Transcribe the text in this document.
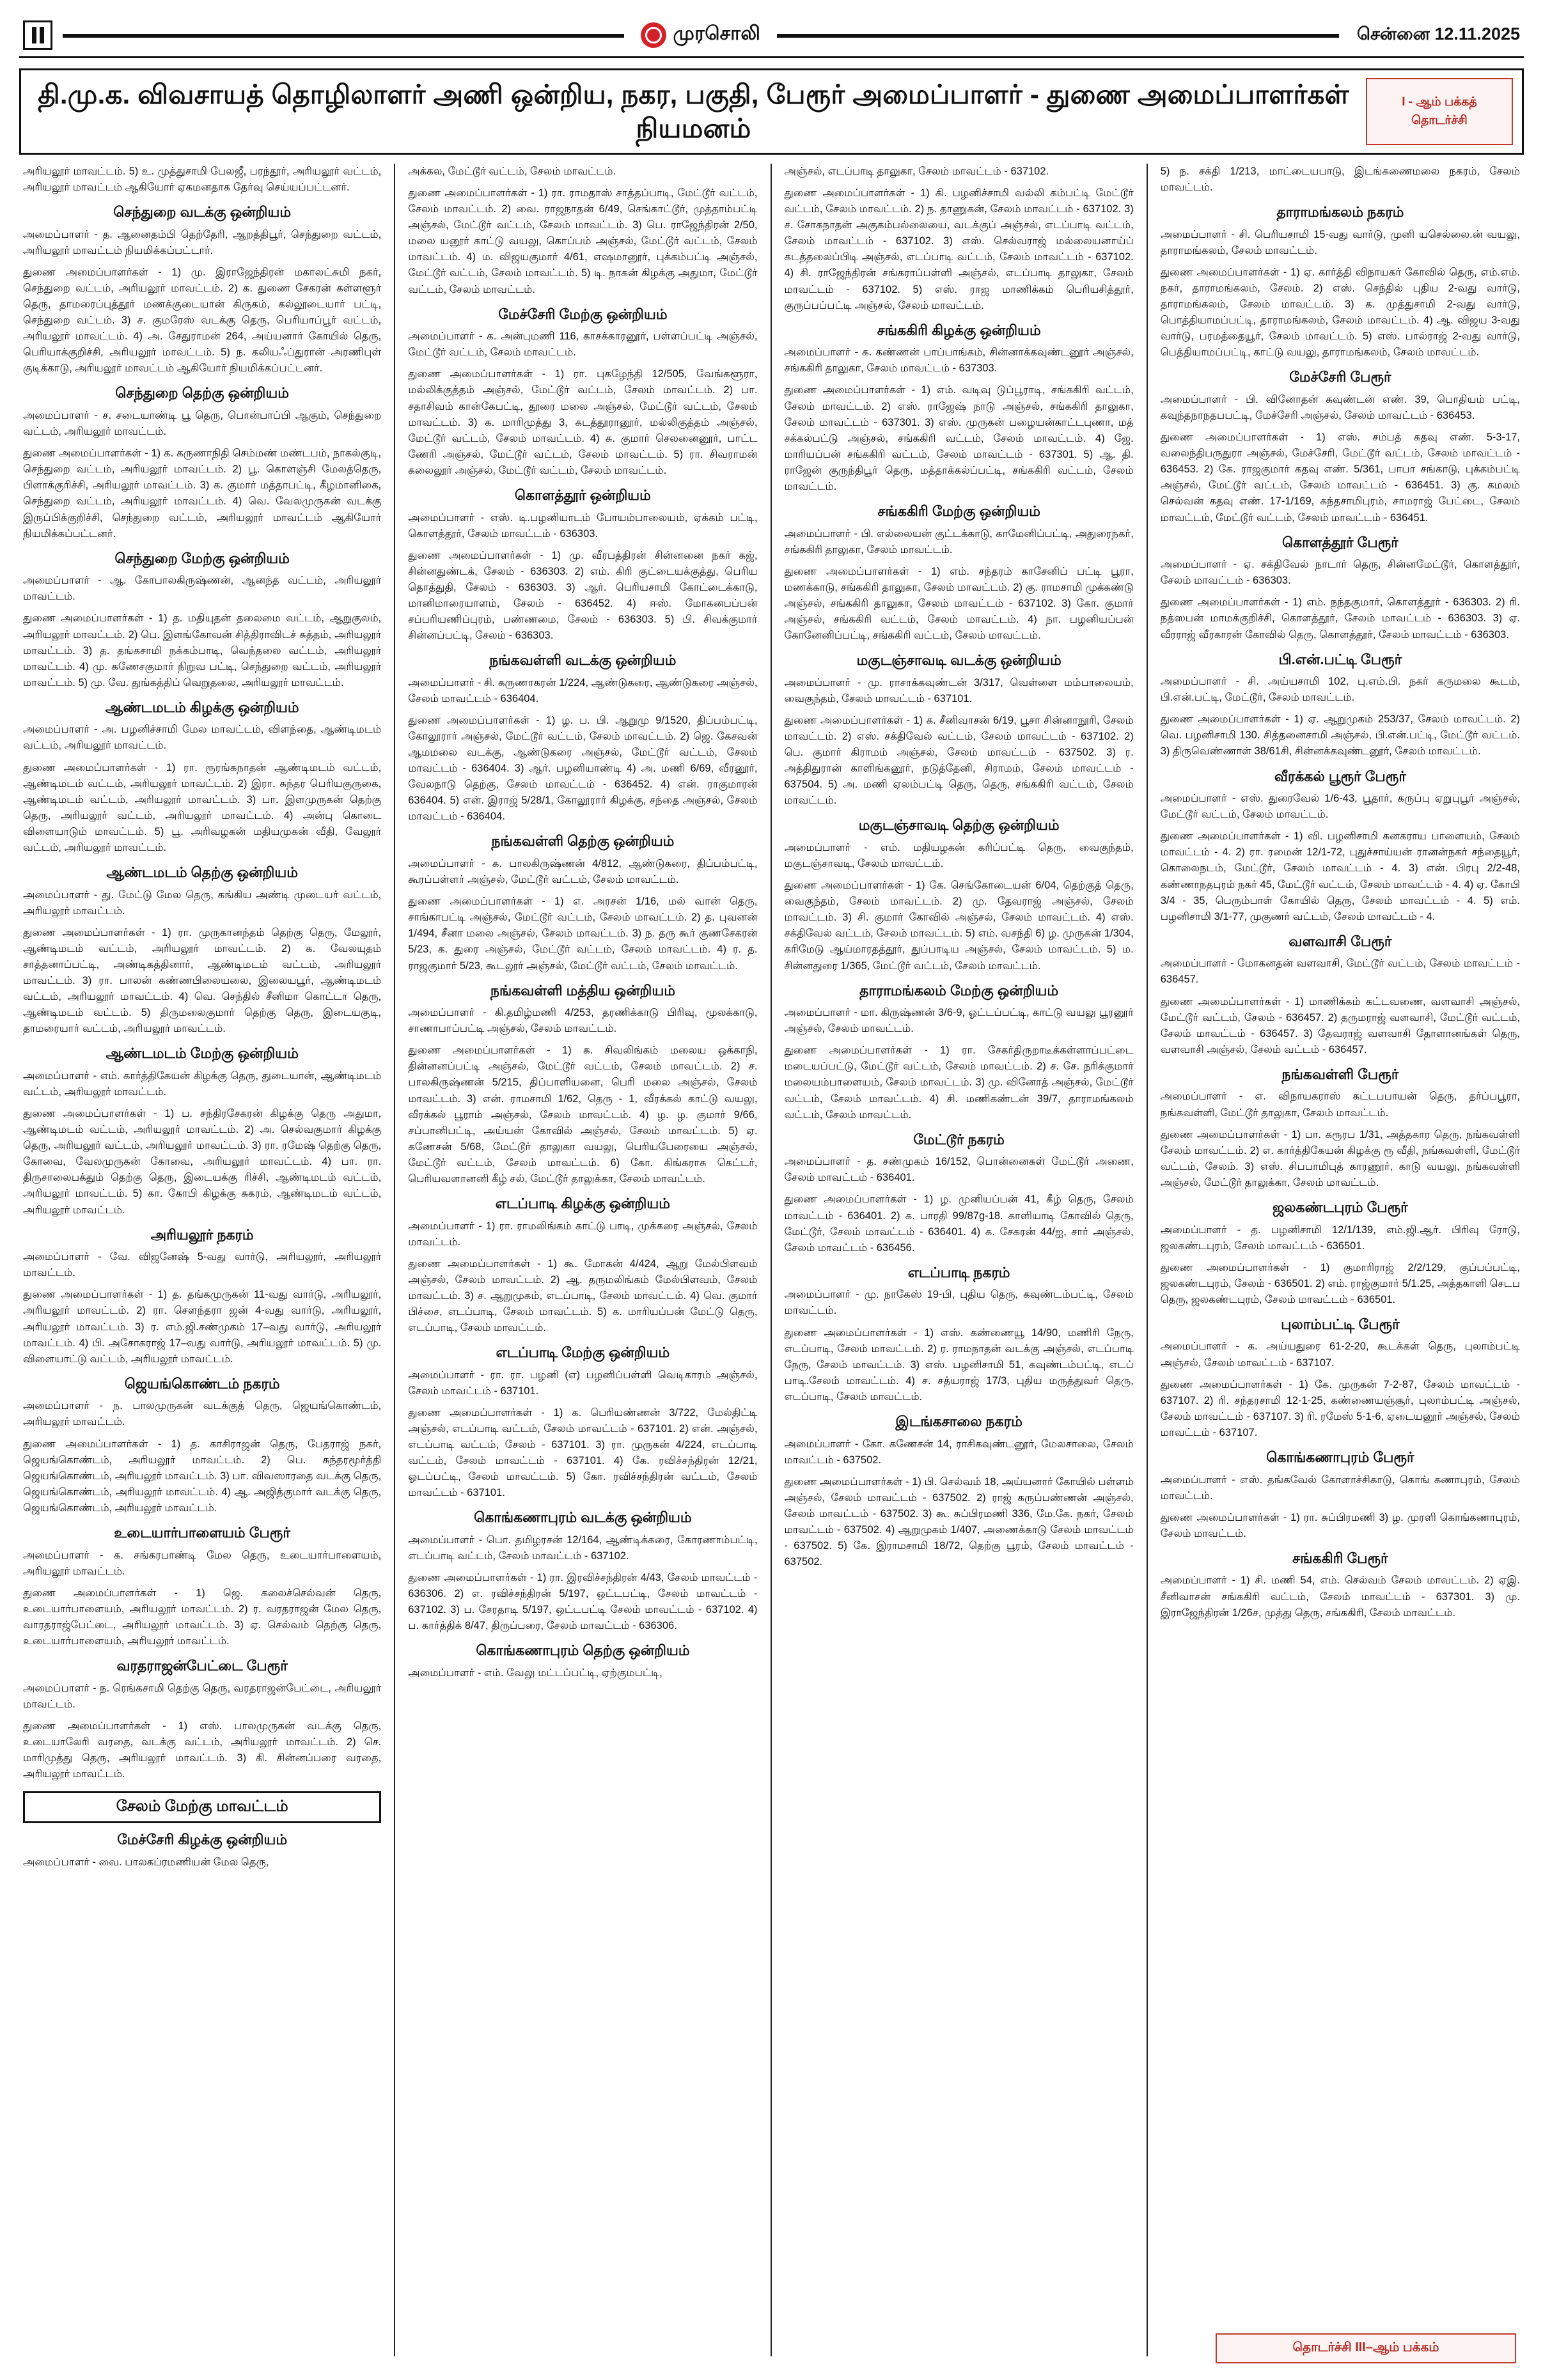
முரசொலி	சென்னை 12.11.2025
தி.மு.க. விவசாயத் தொழிலாளர் அணி ஒன்றிய, நகர, பகுதி, பேரூர் அமைப்பாளர் - துணை அமைப்பாளர்கள் நியமனம்
I - ஆம் பக்கத் தொடர்ச்சி

அரியலூர் மாவட்டம். 5) உ. முத்துசாமி பேலஜீ, பரந்தூர், அரியலூர் வட்டம், அரியலூர் மாவட்டம் ஆகியோர் ஏகமனதாக தேர்வு செய்யப்பட்டனர்.

செந்துறை வடக்கு ஒன்றியம்

அமைப்பாளர் - த. ஆனைதம்பி தெற்தேரி, ஆறத்திபூர், செந்துறை வட்டம், அரியலூர் மாவட்டம் நியமிக்கப்பட்டார்.

துணை அமைப்பாளர்கள் - 1) மு. இராஜேந்திரன் மகாலட்சுமி நகர், செந்துறை வட்டம், அரியலூர் மாவட்டம். 2) க. துணை சேகரன் கள்ளளூர் தெரு, தாமரைப்புத்தூர் மணக்குடையான் கிருகம், கல்லூடையார் பட்டி, செந்துறை வட்டம். 3) ச. குமரேஸ் வடக்கு தெரு, பெரியாப்பூர் வட்டம், அரியலூர் மாவட்டம். 4) அ. சேதுராமன் 264, அய்யனார் கோயில் தெரு, பெரியாக்குறிச்சி, அரியலூர் மாவட்டம். 5) ந. கலியஃப்துரான் அரணிபுள் குடிக்காடு, அரியலூர் மாவட்டம் ஆகியோர் நியமிக்கப்பட்டனர்.

செந்துறை தெற்கு ஒன்றியம்

அமைப்பாளர் - ச. சடையாண்டி பூ தெரு, பொன்பாப்பி ஆகும், செந்துறை வட்டம், அரியலூர் மாவட்டம்.

துணை அமைப்பாளர்கள் - 1) க. கருணாநிதி செம்மண் மண்டபம், நாகல்குடி, செந்துறை வட்டம், அரியலூர் மாவட்டம். 2) பூ. கொளஞ்சி மேலத்தெரு, பிளாக்குரிச்சி, அரியலூர் மாவட்டம். 3) க. குமார் மத்தாபட்டி, கீழமானிகை, செந்துறை வட்டம், அரியலூர் மாவட்டம். 4) வெ. வேலமுருகன் வடக்கு இருப்பிக்குறிச்சி, செந்துறை வட்டம், அரியலூர் மாவட்டம் ஆகியோர் நியமிக்கப்பட்டனர்.

செந்துறை மேற்கு ஒன்றியம்

அமைப்பாளர் - ஆ. கோபாலகிருஷ்ணன், ஆனந்த வட்டம், அரியலூர் மாவட்டம்.

துணை அமைப்பாளர்கள் - 1) த. மதியுதன் தலைமை வட்டம், ஆறுகுலம், அரியலூர் மாவட்டம். 2) பெ. இளங்கோவன் சித்திராவிடச் சுத்தம், அரியலூர் மாவட்டம். 3) த. தங்கசாமி நக்கம்பாடி, வெந்தலை வட்டம், அரியலூர் மாவட்டம். 4) மு. கணேசகுமார் நிறுவ பட்டி, செந்துறை வட்டம், அரியலூர் மாவட்டம். 5) மு. வே. துங்கத்திப் வெறுதலை, அரியலூர் மாவட்டம்.

ஆண்டமடம் கிழக்கு ஒன்றியம்

அமைப்பாளர் - அ. பழனிச்சாமி மேல மாவட்டம், விளந்தை, ஆண்டிமடம் வட்டம், அரியலூர் மாவட்டம்.

துணை அமைப்பாளர்கள் - 1) ரா. ரூரங்கநாதன் ஆண்டிமடம் வட்டம், ஆண்டிமடம் வட்டம், அரியலூர் மாவட்டம். 2) இரா. சுந்தர பெரியகுருகை, ஆண்டிமடம் வட்டம், அரியலூர் மாவட்டம். 3) பா. இளமுருகன் தெற்கு தெரு, அரியலூர் வட்டம், அரியலூர் மாவட்டம். 4) அன்பு கொடை விளையாடும் மாவட்டம். 5) பூ. அரிவழகன் மதியமுகன் வீதி, வேலூர் வட்டம், அரியலூர் மாவட்டம்.

ஆண்டமடம் தெற்கு ஒன்றியம்

அமைப்பாளர் - து. மேட்டு மேல தெரு, கங்கிய அண்டி முடையர் வட்டம், அரியலூர் மாவட்டம்.

துணை அமைப்பாளர்கள் - 1) ரா. முருகானந்தம் தெற்கு தெரு, மேலூர், ஆண்டிமடம் வட்டம், அரியலூர் மாவட்டம். 2) க. வேலயுதம் சாத்தனாப்பட்டி, அண்டிகத்தினார், ஆண்டிமடம் வட்டம், அரியலூர் மாவட்டம். 3) ரா. பாலன் கண்ணபிலையலை, இலையபூர், ஆண்டிமடம் வட்டம், அரியலூர் மாவட்டம். 4) வெ. செந்தில் சீனிமா கொட்டா தெரு, ஆண்டிமடம் வட்டம். 5) திருமலைகுமார் தெற்கு தெரு, இடையகுடி, தாமரையார் வட்டம், அரியலூர் மாவட்டம்.

ஆண்டமடம் மேற்கு ஒன்றியம்

அமைப்பாளர் - எம். கார்த்திகேயன் கிழக்கு தெரு, துடையான், ஆண்டிமடம் வட்டம், அரியலூர் மாவட்டம்.

துணை அமைப்பாளர்கள் - 1) ப. சந்திரசேகரன் கிழக்கு தெரு அதுமா, ஆண்டிமடம் வட்டம், அரியலூர் மாவட்டம். 2) அ. செல்வகுமார் கிழக்கு தெரு, அரியலூர் வட்டம், அரியலூர் மாவட்டம். 3) ரா. ரமேஷ் தெற்கு தெரு, கோவை, வேலமுருகன் கோவை, அரியலூர் மாவட்டம். 4) பா. ரா. திருசாலைபக்தும் தெற்கு தெரு, இடையக்கு ரிச்சி, ஆண்டிமடம் வட்டம், அரியலூர் மாவட்டம். 5) கா. கோபி கிழக்கு சுகரம், ஆண்டிமடம் வட்டம், அரியலூர் மாவட்டம்.

அரியலூர் நகரம்

அமைப்பாளர் - வே. விஜனேஷ் 5-வது வார்டு, அரியலூர், அரியலூர் மாவட்டம்.

துணை அமைப்பாளர்கள் - 1) த. தங்கமுருகன் 11-வது வார்டு, அரியலூர், அரியலூர் மாவட்டம். 2) ரா. செளந்தரா ஜன் 4-வது வார்டு, அரியலூர், அரியலூர் மாவட்டம். 3) ர. எம்.ஜி.சண்முகம் 17–வது வார்டு, அரியலூர் மாவட்டம். 4) பி. அசோகராஜ் 17–வது வார்டு, அரியலூர் மாவட்டம். 5) மு. விளையாட்டு வட்டம், அரியலூர் மாவட்டம்.

ஜெயங்கொண்டம் நகரம்

அமைப்பாளர் - ந. பாலமுருகன் வடக்குத் தெரு, ஜெயங்கொண்டம், அரியலூர் மாவட்டம்.

துணை அமைப்பாளர்கள் - 1) த. காசிராஜன் தெரு, பேதராஜ் நகர், ஜெயங்கொண்டம், அரியலூர் மாவட்டம். 2) பெ. சுந்தரமூர்த்தி ஜெயங்கொண்டம், அரியலூர் மாவட்டம். 3) பா. விவஸாரதை வடக்கு தெரு, ஜெயங்கொண்டம், அரியலூர் மாவட்டம். 4) ஆ. அஜித்குமார் வடக்கு தெரு, ஜெயங்கொண்டம், அரியலூர் மாவட்டம்.

உடையார்பாளையம் பேரூர்

அமைப்பாளர் - க. சங்கரபாண்டி மேல தெரு, உடையார்பாளையம், அரியலூர் மாவட்டம்.

துணை அமைப்பாளர்கள் - 1) ஜெ. கலைச்செல்வன் தெரு, உடையார்பாளையம், அரியலூர் மாவட்டம். 2) ர. வரதராஜன் மேல தெரு, வாரதராஜ்பேட்டை, அரியலூர் மாவட்டம். 3) ஏ. செல்வம் தெற்கு தெரு, உடையார்பாளையம், அரியலூர் மாவட்டம்.

வரதராஜன்பேட்டை பேரூர்

அமைப்பாளர் - ந. ரெங்கசாமி தெற்கு தெரு, வரதராஜன்பேட்டை, அரியலூர் மாவட்டம்.

துணை அமைப்பாளர்கள் - 1) எஸ். பாலமுருகன் வடக்கு தெரு, உடையாலேரி வரதை, வடக்கு வட்டம், அரியலூர் மாவட்டம். 2) செ. மாரிமுத்து தெரு, அரியலூர் மாவட்டம். 3) கி. சின்னப்பரை வரதை, அரியலூர் மாவட்டம்.

சேலம் மேற்கு மாவட்டம்
மேச்சேரி கிழக்கு ஒன்றியம்

அமைப்பாளர் - வை. பாலகப்ரமணியன் மேல தெரு,

அக்கல, மேட்டூர் வட்டம், சேலம் மாவட்டம்.

துணை அமைப்பாளர்கள் - 1) ரா. ராமதாஸ் சாத்தப்பாடி, மேட்டூர் வட்டம், சேலம் மாவட்டம். 2) வை. ராஜநாதன் 6/49, செங்காட்டூர், முத்தாம்பட்டி அஞ்சல், மேட்டூர் வட்டம், சேலம் மாவட்டம். 3) பெ. ராஜேந்திரன் 2/50, மலை யனூர் காட்டு வயலு, கொப்பம் அஞ்சல், மேட்டூர் வட்டம், சேலம் மாவட்டம். 4) ம. விஜயகுமார் 4/61, எஷமானூர், புக்கம்பட்டி அஞ்சல், மேட்டூர் வட்டம், சேலம் மாவட்டம். 5) டி. நாகன் கிழக்கு அதுமா, மேட்டூர் வட்டம், சேலம் மாவட்டம்.

மேச்சேரி மேற்கு ஒன்றியம்

அமைப்பாளர் - க. அன்புமணி 116, காசக்காரனூர், பள்ளப்பட்டி அஞ்சல், மேட்டூர் வட்டம், சேலம் மாவட்டம்.

துணை அமைப்பாளர்கள் - 1) ரா. புகழேந்தி 12/505, வேங்களூரா, மல்லிக்குத்தம் அஞ்சல், மேட்டூர் வட்டம், சேலம் மாவட்டம். 2) பா. சதாசிவம் கான்கேபட்டி, தூரை மலை அஞ்சல், மேட்டூர் வட்டம், சேலம் மாவட்டம். 3) க. மாரிமுத்து 3, கடத்தூரானூர், மல்லிகுத்தம் அஞ்சல், மேட்டூர் வட்டம், சேலம் மாவட்டம். 4) சு. குமார் செலனைனூர், பாட்ட ணேரி அஞ்சல், மேட்டூர் வட்டம், சேலம் மாவட்டம். 5) ரா. சிவராமன் கலைலூர் அஞ்சல், மேட்டூர் வட்டம், சேலம் மாவட்டம்.

கொளத்தூர் ஒன்றியம்

அமைப்பாளர் - எஸ். டி.பழனியாடம் போயம்பாலையம், ஏக்கம் பட்டி, கொளத்தூர், சேலம் மாவட்டம் - 636303.

துணை அமைப்பாளர்கள் - 1) மு. வீரபத்திரன் சின்னனை நகர் கஜ், சின்னதுண்டக், சேலம் - 636303. 2) எம். கிரி குட்டையக்குத்து, பெரிய தொத்துதி, சேலம் - 636303. 3) ஆர். பெரியசாமி கோட்டைக்காடு, மானிமாரையாளம், சேலம் - 636452. 4) ஈஸ். மோகனபப்பன் சப்பரியணிப்புரம், பண்ணமை, சேலம் - 636303. 5) பி. சிவக்குமார் சின்னப்பட்டி, சேலம் - 636303.

நங்கவள்ளி வடக்கு ஒன்றியம்

அமைப்பாளர் - சி. கருணாகரன் 1/224, ஆண்டுகரை, ஆண்டுகரை அஞ்சல், சேலம் மாவட்டம் - 636404.

துணை அமைப்பாளர்கள் - 1) ழ. ப. பி. ஆறுமு 9/1520, திப்பம்பட்டி, கோலூரார் அஞ்சல், மேட்டூர் வட்டம், சேலம் மாவட்டம். 2) ஜெ. கேசவன் ஆமமலை வடக்கு, ஆண்டுகரை அஞ்சல், மேட்டூர் வட்டம், சேலம் மாவட்டம் - 636404. 3) ஆர். பழனியாண்டி 4) அ. மணி 6/69, வீரனூர், வேலநாடு தெற்கு, சேலம் மாவட்டம் - 636452. 4) என். ராகுமாரன் 636404. 5) என். இராஜ் 5/28/1, கோலூரார் கிழக்கு, சந்தை அஞ்சல், சேலம் மாவட்டம் - 636404.

நங்கவள்ளி தெற்கு ஒன்றியம்

அமைப்பாளர் - க. பாலகிருஷ்ணன் 4/812, ஆண்டுகரை, திப்பம்பட்டி, கூரப்பள்ளர் அஞ்சல், மேட்டூர் வட்டம், சேலம் மாவட்டம்.

துணை அமைப்பாளர்கள் - 1) எ. அரசன் 1/16, மல் வான் தெரு, சாங்காபட்டி அஞ்சல், மேட்டூர் வட்டம், சேலம் மாவட்டம். 2) த. புவனன் 1/494, சீனா மலை அஞ்சல், சேலம் மாவட்டம். 3) ந. தரு கூர் குணசேகரன் 5/23, க. துரை அஞ்சல், மேட்டூர் வட்டம், சேலம் மாவட்டம். 4) ர. த. ராஜகுமார் 5/23, கூடலூர் அஞ்சல், மேட்டூர் வட்டம், சேலம் மாவட்டம்.

நங்கவள்ளி மத்திய ஒன்றியம்

அமைப்பாளர் - கி.தமிழ்மணி 4/253, தரணிக்காடு பிரிவு, மூலக்காடு, சாணாபாப்பட்டி அஞ்சல், சேலம் மாவட்டம்.

துணை அமைப்பாளர்கள் - 1) க. சிவலிங்கம் மலைய ஒக்காநி, தின்னனப்பட்டி அஞ்சல், மேட்டூர் வட்டம், சேலம் மாவட்டம். 2) ச. பாலகிருஷ்ணன் 5/215, திப்பாளியனை, பெரி மலை அஞ்சல், சேலம் மாவட்டம். 3) என். ராமசாமி 1/62, தெரு - 1, வீரக்கல் காட்டு வயலு, வீரக்கல் பூராம் அஞ்சல், சேலம் மாவட்டம். 4) ழ. ழ. குமார் 9/66, சப்பானிபட்டி, அய்யன் கோவில் அஞ்சல், சேலம் மாவட்டம். 5) ஏ. கணேசன் 5/68, மேட்டூர் தாலுகா வயலு, பெரியபேரையை அஞ்சல், மேட்டூர் வட்டம், சேலம் மாவட்டம். 6) கோ. கிங்கராசு கெட்டர், பெரியவளானனி கீழ் சல், மேட்டூர் தாலுக்கா, சேலம் மாவட்டம்.

எடப்பாடி கிழக்கு ஒன்றியம்

அமைப்பாளர் - 1) ரா. ராமலிங்கம் காட்டு பாடி, முக்கரை அஞ்சல், சேலம் மாவட்டம்.

துணை அமைப்பாளர்கள் - 1) கூ. மோகன் 4/424, ஆறு மேல்பிளவம் அஞ்சல், சேலம் மாவட்டம். 2) ஆ. தருமலிங்கம் மேல்பிளவம், சேலம் மாவட்டம். 3) ச. ஆறுமுகம், எடப்பாடி, சேலம் மாவட்டம். 4) வெ. குமார் பிச்சை, எடப்பாடி, சேலம் மாவட்டம். 5) க. மாரியப்பன் மேட்டு தெரு, எடப்பாடி, சேலம் மாவட்டம்.

எடப்பாடி மேற்கு ஒன்றியம்

அமைப்பாளர் - ரா. ரா. பழனி (எ) பழனிப்பள்ளி வெடிகாரம் அஞ்சல், சேலம் மாவட்டம் - 637101.

துணை அமைப்பாளர்கள் - 1) க. பெரியண்ணன் 3/722, மேல்திட்டி அஞ்சல், எடப்பாடி வட்டம், சேலம் மாவட்டம் - 637101. 2) என். அஞ்சல், எடப்பாடி வட்டம், சேலம் - 637101. 3) ரா. முருகன் 4/224, எடப்பாடி வட்டம், சேலம் மாவட்டம் - 637101. 4) கே. ரவிச்சந்திரன் 12/21, ஓடப்பட்டி, சேலம் மாவட்டம். 5) கோ. ரவிச்சந்திரன் வட்டம், சேலம் மாவட்டம் - 637101.

கொங்கணாபுரம் வடக்கு ஒன்றியம்

அமைப்பாளர் - பொ. தமிழரசன் 12/164, ஆண்டிக்கரை, கோரணாம்பட்டி, எடப்பாடி வட்டம், சேலம் மாவட்டம் - 637102.

துணை அமைப்பாளர்கள் - 1) ரா. இரவிச்சந்திரன் 4/43, சேலம் மாவட்டம் - 636306. 2) எ. ரவிச்சந்திரன் 5/197, ஒட்டபட்டி, சேலம் மாவட்டம் - 637102. 3) ப. சேரதாடி 5/197, ஒட்டபட்டி சேலம் மாவட்டம் - 637102. 4) ப. கார்த்திக் 8/47, திருப்பரை, சேலம் மாவட்டம் - 636306.

கொங்கணாபுரம் தெற்கு ஒன்றியம்

அமைப்பாளர் - எம். வேலு மட்டப்பட்டி, ஏற்குமபட்டி,

அஞ்சல், எடப்பாடி தாலுகா, சேலம் மாவட்டம் - 637102.

துணை அமைப்பாளர்கள் - 1) கி. பழனிச்சாமி வல்லி கம்பட்டி மேட்டூர் வட்டம், சேலம் மாவட்டம். 2) ந. தாணுகன், சேலம் மாவட்டம் - 637102. 3) ச. சோகநாதன் அகுகம்பல்லையை, வடக்குப் அஞ்சல், எடப்பாடி வட்டம், சேலம் மாவட்டம் - 637102. 3) எஸ். செல்வராஜ் மல்லையனாய்ப் கடத்தலைப்பிடி அஞ்சல், எடப்பாடி வட்டம், சேலம் மாவட்டம் - 637102. 4) சி. ராஜேந்திரன் சங்கராப்பள்ளி அஞ்சல், எடப்பாடி தாலுகா, சேலம் மாவட்டம் - 637102. 5) எஸ். ராஜ மாணிக்கம் பெரியசித்தூர், குருப்பப்பட்டி அஞ்சல், சேலம் மாவட்டம்.

சங்ககிரி கிழக்கு ஒன்றியம்

அமைப்பாளர் - க. கண்ணன் பாப்பாங்கம், சின்னாக்கவுண்டனூர் அஞ்சல், சங்ககிரி தாலுகா, சேலம் மாவட்டம் - 637303.

துணை அமைப்பாளர்கள் - 1) எம். வடிவு டுப்பூராடி, சங்ககிரி வட்டம், சேலம் மாவட்டம். 2) எஸ். ராஜேஷ் நாடு அஞ்சல், சங்ககிரி தாலுகா, சேலம் மாவட்டம் - 637301. 3) எஸ். முருகன் பழையன்காட்டபுணா, மத் சக்கல்பட்டு அஞ்சல், சங்ககிரி வட்டம், சேலம் மாவட்டம். 4) ஜே. மாரியப்பன் சங்ககிரி வட்டம், சேலம் மாவட்டம் - 637301. 5) ஆ. தி. ராஜேன் குருந்திபூர் தெரு, மத்தாக்கல்ப்பட்டி, சங்ககிரி வட்டம், சேலம் மாவட்டம்.

சங்ககிரி மேற்கு ஒன்றியம்

அமைப்பாளர் - பி. எல்லையன் குட்டக்காடு, காமேனிப்பட்டி, அதுரைநகர், சங்ககிரி தாலுகா, சேலம் மாவட்டம்.

துணை அமைப்பாளர்கள் - 1) எம். சந்தரம் காசேனிப் பட்டி பூரா, மணக்காடு, சங்ககிரி தாலுகா, சேலம் மாவட்டம். 2) கு. ராமசாமி முக்கண்டு அஞ்சல், சங்ககிரி தாலுகா, சேலம் மாவட்டம் - 637102. 3) கோ. குமார் அஞ்சல், சங்ககிரி வட்டம், சேலம் மாவட்டம். 4) நா. பழனியப்பன் கோனேனிப்பட்டி, சங்ககிரி வட்டம், சேலம் மாவட்டம்.

மகுடஞ்சாவடி வடக்கு ஒன்றியம்

அமைப்பாளர் - மு. ராசாக்கவுண்டன் 3/317, வெள்ளை மம்பாலையம், வைகுந்தம், சேலம் மாவட்டம் - 637101.

துணை அமைப்பாளர்கள் - 1) க. சீனிவாசன் 6/19, பூசா சின்னாநூரி, சேலம் மாவட்டம். 2) எஸ். சக்திவேல் வட்டம், சேலம் மாவட்டம் - 637102. 2) பெ. குமார் கிராமம் அஞ்சல், சேலம் மாவட்டம் - 637502. 3) ர. அத்திதுரான் காளிங்கனூர், நடுத்தேனி, சிராமம், சேலம் மாவட்டம் - 637504. 5) அ. மணி ஏலம்பட்டி தெரு, தெரு, சங்ககிரி வட்டம், சேலம் மாவட்டம்.

மகுடஞ்சாவடி தெற்கு ஒன்றியம்

அமைப்பாளர் - எம். மதியழகன் கரிப்பட்டி தெரு, வைகுந்தம், மகுடஞ்சாவடி, சேலம் மாவட்டம்.

துணை அமைப்பாளர்கள் - 1) கே. செங்கோடையன் 6/04, தெற்குத் தெரு, வைகுந்தம், சேலம் மாவட்டம். 2) மு. தேவராஜ் அஞ்சல், சேலம் மாவட்டம். 3) சி. குமார் கோவில் அஞ்சல், சேலம் மாவட்டம். 4) எஸ். சக்திவேல் வட்டம், சேலம் மாவட்டம். 5) எம். வசந்தி 6) ழ. முருகன் 1/304, கரிமேடு ஆய்மாரதத்தூர், துப்பாடிய அஞ்சல், சேலம் மாவட்டம். 5) ம. சின்னதுரை 1/365, மேட்டூர் வட்டம், சேலம் மாவட்டம்.

தாராமங்கலம் மேற்கு ஒன்றியம்

அமைப்பாளர் - மா. கிருஷ்ணன் 3/6-9, ஓட்டப்பட்டி, காட்டு வயலு பூரனூர் அஞ்சல், சேலம் மாவட்டம்.

துணை அமைப்பாளர்கள் - 1) ரா. சேகர்திருறாடீக்கள்ளாப்பட்டை மடையப்பட்டு, மேட்டூர் வட்டம், சேலம் மாவட்டம். 2) ச. சே. நரிக்குமார் மலையம்பாளையம், சேலம் மாவட்டம். 3) மு. வினோத் அஞ்சல், மேட்டூர் வட்டம், சேலம் மாவட்டம். 4) சி. மணிகண்டன் 39/7, தாராமங்கலம் வட்டம், சேலம் மாவட்டம்.

மேட்டூர் நகரம்

அமைப்பாளர் - த. சண்முகம் 16/152, பொன்னைகள் மேட்டூர் அணை, சேலம் மாவட்டம் - 636401.

துணை அமைப்பாளர்கள் - 1) ழ. முனியப்பன் 41, கீழ் தெரு, சேலம் மாவட்டம் - 636401. 2) க. பாரதி 99/87g-18. காளியாடி கோவில் தெரு, மேட்டூர், சேலம் மாவட்டம் - 636401. 4) க. சேகரன் 44/ஐ, சார் அஞ்சல், சேலம் மாவட்டம் - 636456.

எடப்பாடி நகரம்

அமைப்பாளர் - மு. நாகேஸ் 19-பி, புதிய தெரு, கவுண்டம்பட்டி, சேலம் மாவட்டம்.

துணை அமைப்பாளர்கள் - 1) எஸ். கண்ணையூ 14/90, மணிரி நேரு, எடப்பாடி, சேலம் மாவட்டம். 2) ர. ராமநாதன் வடக்கு அஞ்சல், எடப்பாடி நேரு, சேலம் மாவட்டம். 3) எஸ். பழனிசாமி 51, கவுண்டம்பட்டி, எடப் பாடி.சேலம் மாவட்டம். 4) ச. சத்யராஜ் 17/3, புதிய மருத்துவர் தெரு, எடப்பாடி, சேலம் மாவட்டம்.

இடங்கசாலை நகரம்

அமைப்பாளர் - கோ. கணேசன் 14, ராசிகவுண்டனூர், மேலசாலை, சேலம் மாவட்டம் - 637502.

துணை அமைப்பாளர்கள் - 1) பி. செல்வம் 18, அய்யனார் கோயில் பள்ளம் அஞ்சல், சேலம் மாவட்டம் - 637502. 2) ராஜ் கருப்பண்ணன் அஞ்சல், சேலம் மாவட்டம் - 637502. 3) கூ. சுப்பிரமணி 336, மே.கே. நகர், சேலம் மாவட்டம் - 637502. 4) ஆறுமுகம் 1/407, அணைக்காடு சேலம் மாவட்டம் - 637502. 5) கே. இராமசாமி 18/72, தெற்கு பூரம், சேலம் மாவட்டம் - 637502.

5) ந. சக்தி 1/213, மாட்டையபாடு, இடங்கணைமலை நகரம், சேலம் மாவட்டம்.

தாராமங்கலம் நகரம்

அமைப்பாளர் - சி. பெரியசாமி 15-வது வார்டு, முனி யசெல்லை.ன் வயலு, தாராமங்கலம், சேலம் மாவட்டம்.

துணை அமைப்பாளர்கள் - 1) ஏ. கார்த்தி விநாயகர் கோவில் தெரு, எம்.எம். நகர், தாராமங்கலம், சேலம். 2) எஸ். செந்தில் புதிய 2-வது வார்டு, தாராமங்கலம், சேலம் மாவட்டம். 3) க. முத்துசாமி 2-வது வார்டு, பொத்தியாமப்பட்டி, தாராமங்கலம், சேலம் மாவட்டம். 4) ஆ. விஜய 3-வது வார்டு, பரமத்தையூர், சேலம் மாவட்டம். 5) எஸ். பால்ராஜ் 2-வது வார்டு, பெத்தியாமப்பட்டி, காட்டு வயலு, தாராமங்கலம், சேலம் மாவட்டம்.

மேச்சேரி பேரூர்

அமைப்பாளர் - பி. வினோதன் கவுண்டன் எண். 39, பொதியம் பட்டி, கவுந்தநாநதபபட்டி, மேச்சேரி அஞ்சல், சேலம் மாவட்டம் - 636453.

துணை அமைப்பாளர்கள் - 1) எஸ். சம்பத் கதவு எண். 5-3-17, வலைந்திபருதுரா அஞ்சல், மேச்சேரி, மேட்டூர் வட்டம், சேலம் மாவட்டம் - 636453. 2) கே. ராஜகுமார் கதவு எண். 5/361, பாபா சங்காடு, புக்கம்பட்டி அஞ்சல், மேட்டூர் வட்டம், சேலம் மாவட்டம் - 636451. 3) கு. கமலம் செல்வன் கதவு எண். 17-1/169, கந்தசாமிபுரம், சாமராஜ் பேட்டை, சேலம் மாவட்டம், மேட்டூர் வட்டம், சேலம் மாவட்டம் - 636451.

கொளத்தூர் பேரூர்

அமைப்பாளர் - ஏ. சக்திவேல் நாடார் தெரு, சின்னமேட்டூர், கொளத்தூர், சேலம் மாவட்டம் - 636303.

துணை அமைப்பாளர்கள் - 1) எம். நந்தகுமார், கொளத்தூர் - 636303. 2) ரி. நத்ஸபன் மாமக்குறிச்சி, கொளத்தூர், சேலம் மாவட்டம் - 636303. 3) ஏ. வீரராஜ் வீரகாரன் கோவில் தெரு, கொளத்தூர், சேலம் மாவட்டம் - 636303.

பி.என்.பட்டி பேரூர்

அமைப்பாளர் - சி. அய்யசாமி 102, பு.எம்.பி. நகர் கருமலை கூடம், பி.என்.பட்டி, மேட்டூர், சேலம் மாவட்டம்.

துணை அமைப்பாளர்கள் - 1) ஏ. ஆறுமுகம் 253/37, சேலம் மாவட்டம். 2) வெ. பழனிசாமி 130. சித்தனைசாமி அஞ்சல், பி.என்.பட்டி, மேட்டூர் வட்டம். 3) திருவெண்ணாள் 38/61சி, சின்னக்கவுண்டனூர், சேலம் மாவட்டம்.

வீரக்கல் பூரூர் பேரூர்

அமைப்பாளர் - எஸ். துரைவேல் 1/6-43, பூதார், கருப்பு ஏறுபுபூர் அஞ்சல், மேட்டூர் வட்டம், சேலம் மாவட்டம்.

துணை அமைப்பாளர்கள் - 1) வி. பழனிசாமி கனகராய பாளையம், சேலம் மாவட்டம் - 4. 2) ரா. ரமைன் 12/1-72, புதுச்சாய்யன் ரானன்நகர் சந்தையூர், கொலைநடம், மேட்டூர், சேலம் மாவட்டம் - 4. 3) என். பிரபு 2/2-48, கண்ணாநதபுரம் நகர் 45, மேட்டூர் வட்டம், சேலம் மாவட்டம் - 4. 4) ஏ. கோபி 3/4 - 35, பெரும்பாள் கோயில் தெரு, சேலம் மாவட்டம் - 4. 5) எம். பழனிசாமி 3/1-77, முகுணர் வட்டம், சேலம் மாவட்டம் - 4.

வளவாசி பேரூர்

அமைப்பாளர் - மோகனதன் வளவாசி, மேட்டூர் வட்டம், சேலம் மாவட்டம் - 636457.

துணை அமைப்பாளர்கள் - 1) மாணிக்கம் கட்டவணை, வளவாசி அஞ்சல், மேட்டூர் வட்டம், சேலம் - 636457. 2) தருமராஜ் வளவாசி, மேட்டூர் வட்டம், சேலம் மாவட்டம் - 636457. 3) தேவராஜ் வளவாசி தோளானங்கள் தெரு, வளவாசி அஞ்சல், சேலம் வட்டம் - 636457.

நங்கவள்ளி பேரூர்

அமைப்பாளர் - எ. விநாயகராஸ் கட்டபபாயன் தெரு, தர்ப்பபூரா, நங்கவள்ளி, மேட்டூர் தாலுகா, சேலம் மாவட்டம்.

துணை அமைப்பாளர்கள் - 1) பா. கரூரப 1/31, அத்தகார தெரு, நங்கவள்ளி சேலம் மாவட்டம். 2) எ. கார்த்திகேயன் கிழக்கு ரூ வீதி, நங்கவள்ளி, மேட்டூர் வட்டம், சேலம். 3) எஸ். சிபபாமிபுத் காரணூர், காடு வயலு, நங்கவள்ளி அஞ்சல், மேட்டூர் தாலுக்கா, சேலம் மாவட்டம்.

ஜலகண்டபுரம் பேரூர்

அமைப்பாளர் - த. பழனிசாமி 12/1/139, எம்.ஜி.ஆர். பிரிவு ரோடு, ஜலகண்டபுரம், சேலம் மாவட்டம் - 636501.

துணை அமைப்பாளர்கள் - 1) குமாரிராஜ் 2/2/129, குப்பப்பட்டி, ஜலகண்டபுரம், சேலம் - 636501. 2) எம். ராஜ்குமார் 5/1.25, அத்தகாளி செடப தெரு, ஜலகண்டபுரம், சேலம் மாவட்டம் - 636501.

புலாம்பட்டி பேரூர்

அமைப்பாளர் - க. அய்யதுரை 61-2-20, கூடக்கள் தெரு, புலாம்பட்டி அஞ்சல், சேலம் மாவட்டம் - 637107.

துணை அமைப்பாளர்கள் - 1) கே. முருகன் 7-2-87, சேலம் மாவட்டம் - 637107. 2) ரி. சந்தரசாமி 12-1-25, கண்ணையஞ்சூர், புலாம்பட்டி அஞ்சல், சேலம் மாவட்டம் - 637107. 3) ரி. ரமேஸ் 5-1-6, ஏடையனூர் அஞ்சல், சேலம் மாவட்டம் - 637107.

கொங்கணாபுரம் பேரூர்

அமைப்பாளர் - எஸ். தங்கவேல் கோளாச்சிகாடு, கொங் கணாபுரம், சேலம் மாவட்டம்.

துணை அமைப்பாளர்கள் - 1) ரா. சுப்பிரமணி 3) ழ. முரளி கொங்கணாபுரம், சேலம் மாவட்டம்.

சங்ககிரி பேரூர்

அமைப்பாளர் - 1) சி. மணி 54, எம். செல்வம் சேலம் மாவட்டம். 2) ஏஇ. சீனிவாசன் சங்ககிரி வட்டம், சேலம் மாவட்டம் - 637301. 3) மு. இராஜேந்திரன் 1/26ச, முத்து தெரு, சங்ககிரி, சேலம் மாவட்டம்.

தொடர்ச்சி III–ஆம் பக்கம்
